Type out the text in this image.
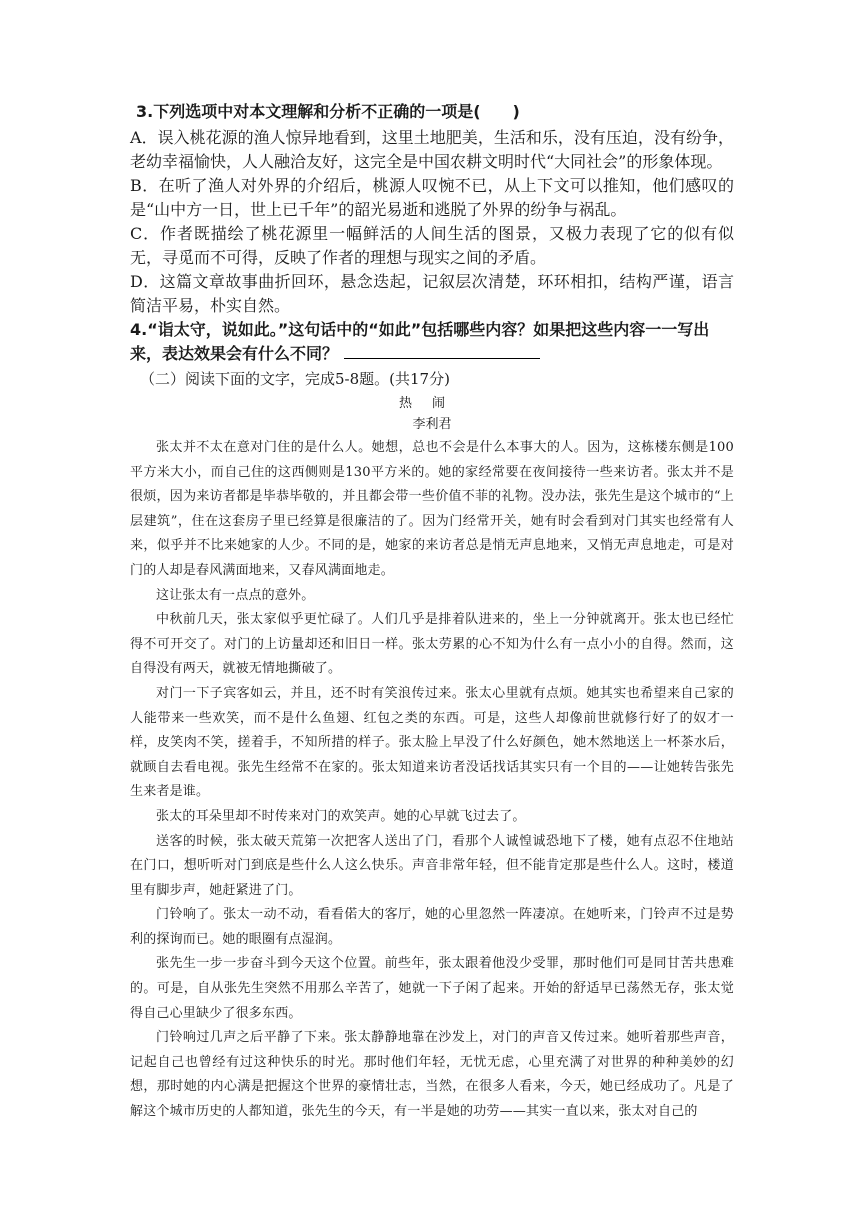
3.下列选项中对本文理解和分析不正确的一项是(　　)

A．误入桃花源的渔人惊异地看到，这里土地肥美，生活和乐，没有压迫，没有纷争，老幼幸福愉快，人人融洽友好，这完全是中国农耕文明时代“大同社会”的形象体现。

B．在听了渔人对外界的介绍后，桃源人叹惋不已，从上下文可以推知，他们感叹的是“山中方一日，世上已千年”的韶光易逝和逃脱了外界的纷争与祸乱。

C．作者既描绘了桃花源里一幅鲜活的人间生活的图景，又极力表现了它的似有似无，寻觅而不可得，反映了作者的理想与现实之间的矛盾。

D．这篇文章故事曲折回环，悬念迭起，记叙层次清楚，环环相扣，结构严谨，语言简洁平易，朴实自然。

4.“诣太守，说如此。”这句话中的“如此”包括哪些内容？如果把这些内容一一写出来，表达效果会有什么不同？

（二）阅读下面的文字，完成5-8题。(共17分)

热闹

李利君

张太并不太在意对门住的是什么人。她想，总也不会是什么本事大的人。因为，这栋楼东侧是100平方米大小，而自己住的这西侧则是130平方米的。她的家经常要在夜间接待一些来访者。张太并不是很烦，因为来访者都是毕恭毕敬的，并且都会带一些价值不菲的礼物。没办法，张先生是这个城市的“上层建筑”，住在这套房子里已经算是很廉洁的了。因为门经常开关，她有时会看到对门其实也经常有人来，似乎并不比来她家的人少。不同的是，她家的来访者总是悄无声息地来，又悄无声息地走，可是对门的人却是春风满面地来，又春风满面地走。

这让张太有一点点的意外。

中秋前几天，张太家似乎更忙碌了。人们几乎是排着队进来的，坐上一分钟就离开。张太也已经忙得不可开交了。对门的上访量却还和旧日一样。张太劳累的心不知为什么有一点小小的自得。然而，这自得没有两天，就被无情地撕破了。

对门一下子宾客如云，并且，还不时有笑浪传过来。张太心里就有点烦。她其实也希望来自己家的人能带来一些欢笑，而不是什么鱼翅、红包之类的东西。可是，这些人却像前世就修行好了的奴才一样，皮笑肉不笑，搓着手，不知所措的样子。张太脸上早没了什么好颜色，她木然地送上一杯茶水后，就顾自去看电视。张先生经常不在家的。张太知道来访者没话找话其实只有一个目的——让她转告张先生来者是谁。

张太的耳朵里却不时传来对门的欢笑声。她的心早就飞过去了。

送客的时候，张太破天荒第一次把客人送出了门，看那个人诚惶诚恐地下了楼，她有点忍不住地站在门口，想听听对门到底是些什么人这么快乐。声音非常年轻，但不能肯定那是些什么人。这时，楼道里有脚步声，她赶紧进了门。

门铃响了。张太一动不动，看看偌大的客厅，她的心里忽然一阵凄凉。在她听来，门铃声不过是势利的探询而已。她的眼圈有点湿润。

张先生一步一步奋斗到今天这个位置。前些年，张太跟着他没少受罪，那时他们可是同甘苦共患难的。可是，自从张先生突然不用那么辛苦了，她就一下子闲了起来。开始的舒适早已荡然无存，张太觉得自己心里缺少了很多东西。

门铃响过几声之后平静了下来。张太静静地靠在沙发上，对门的声音又传过来。她听着那些声音，记起自己也曾经有过这种快乐的时光。那时他们年轻，无忧无虑，心里充满了对世界的种种美妙的幻想，那时她的内心满是把握这个世界的豪情壮志，当然，在很多人看来，今天，她已经成功了。凡是了解这个城市历史的人都知道，张先生的今天，有一半是她的功劳——其实一直以来，张太对自己的
